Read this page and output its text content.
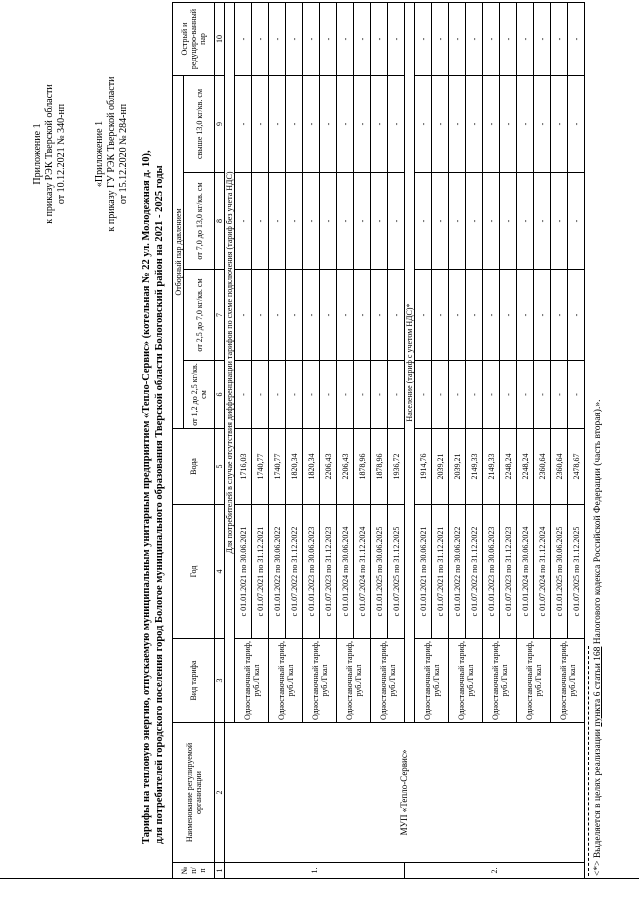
Приложение 1 к приказу РЭК Тверской области от 10.12.2021 № 340-нп	«Приложение 1 к приказу ГУ РЭК Тверской области от 15.12.2020 № 284-нп Тарифы на тепловую энергию, отпускаемую муниципальным унитарным предприятием «Тепло-Сервис» (котельная № 22 ул. Молодежная д. 10), для потребителей городского поселения город Бологое муниципального образования Тверской области Бологовский район на 2021 - 2025 годы
№ п/ п	Наименование регулируемой организации	Вид тарифа	Год	Вода	Отборный пар давлением				Острый и редуциро-ванный пар
					от 1,2 до 2,5 кг/кв. см	от 2,5 до 7,0 кг/кв. см	от 7,0 до 13,0 кг/кв. см	свыше 13,0 кг/кв. см	
1	2	3	4	5	6	7	8	9	10
1.	МУП «Тепло-Сервис»	Для потребителей в случае отсутствия дифференциации тарифов по схеме подключения (тариф без учета НДС)							
		Одноставочный тариф, руб./Гкал	с 01.01.2021 по 30.06.2021	1716,03	-	-	-	-	-
			с 01.07.2021 по 31.12.2021	1740,77	-	-	-	-	-
		Одноставочный тариф, руб./Гкал	с 01.01.2022 по 30.06.2022	1740,77	-	-	-	-	-
			с 01.07.2022 по 31.12.2022	1820,34	-	-	-	-	-
		Одноставочный тариф, руб./Гкал	с 01.01.2023 по 30.06.2023	1820,34	-	-	-	-	-
			с 01.07.2023 по 31.12.2023	2206,43	-	-	-	-	-
		Одноставочный тариф, руб./Гкал	с 01.01.2024 по 30.06.2024	2206,43	-	-	-	-	-
			с 01.07.2024 по 31.12.2024	1878,96	-	-	-	-	-
		Одноставочный тариф, руб./Гкал	с 01.01.2025 по 30.06.2025	1878,96	-	-	-	-	-
			с 01.07.2025 по 31.12.2025	1936,72	-	-	-	-	-
2.		Население (тариф с учетом НДС)*							
		Одноставочный тариф, руб./Гкал	с 01.01.2021 по 30.06.2021	1914,76	-	-	-	-	-
			с 01.07.2021 по 31.12.2021	2039,21	-	-	-	-	-
		Одноставочный тариф, руб./Гкал	с 01.01.2022 по 30.06.2022	2039,21	-	-	-	-	-
			с 01.07.2022 по 31.12.2022	2149,33	-	-	-	-	-
		Одноставочный тариф, руб./Гкал	с 01.01.2023 по 30.06.2023	2149,33	-	-	-	-	-
			с 01.07.2023 по 31.12.2023	2248,24	-	-	-	-	-
		Одноставочный тариф, руб./Гкал	с 01.01.2024 по 30.06.2024	2248,24	-	-	-	-	-
			с 01.07.2024 по 31.12.2024	2360,64	-	-	-	-	-
		Одноставочный тариф, руб./Гкал	с 01.01.2025 по 30.06.2025	2360,64	-	-	-	-	-
			с 01.07.2025 по 31.12.2025	2478,67	-	-	-	-	-
<*> Выделяется в целях реализации пункта 6 статьи 168 Налогового кодекса Российской Федерации (часть вторая).».
